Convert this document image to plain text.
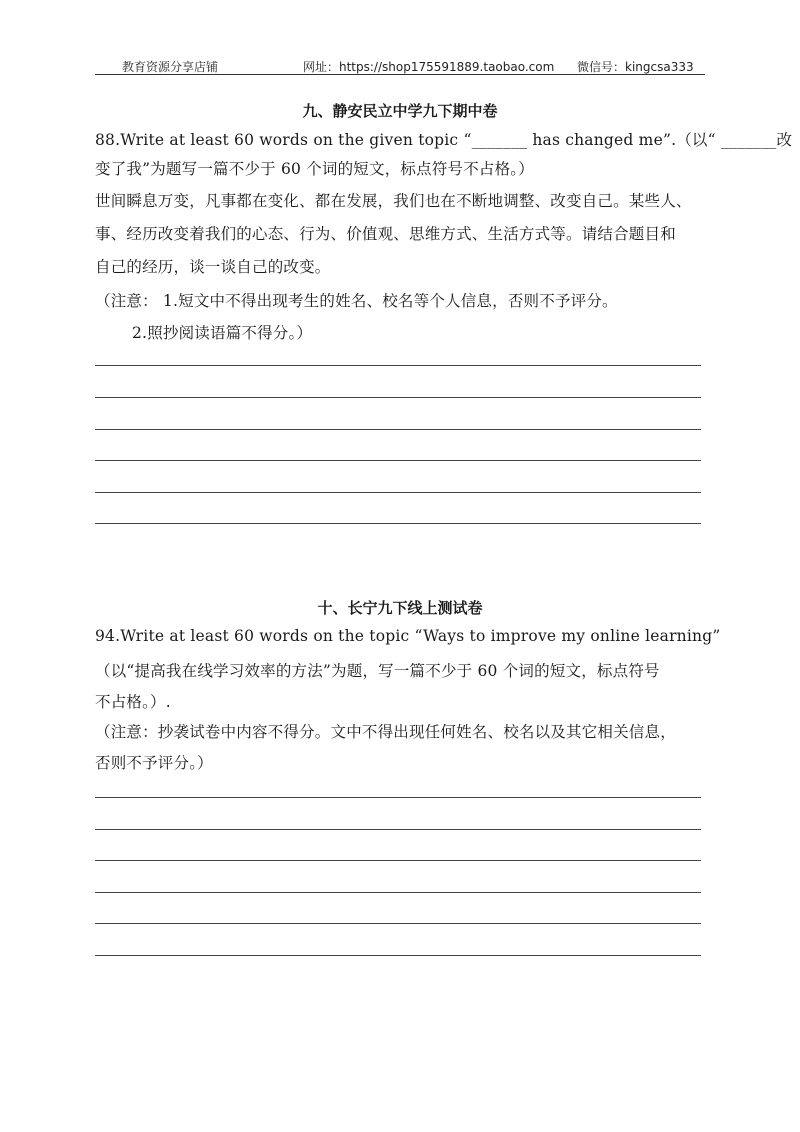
教育资源分享店铺	网址：https://shop175591889.taobao.com 微信号：kingcsa333
九、静安民立中学九下期中卷
88.Write at least 60 words on the given topic “_______ has changed me”.（以“ _______改
变了我”为题写一篇不少于 60 个词的短文，标点符号不占格。）
世间瞬息万变，凡事都在变化、都在发展，我们也在不断地调整、改变自己。某些人、
事、经历改变着我们的心态、行为、价值观、思维方式、生活方式等。请结合题目和
自己的经历，谈一谈自己的改变。
（注意： 1.短文中不得出现考生的姓名、校名等个人信息，否则不予评分。
2.照抄阅读语篇不得分。）
十、长宁九下线上测试卷
94.Write at least 60 words on the topic “Ways to improve my online learning”
（以“提高我在线学习效率的方法”为题，写一篇不少于 60 个词的短文，标点符号
不占格。）.
（注意：抄袭试卷中内容不得分。文中不得出现任何姓名、校名以及其它相关信息，
否则不予评分。）
